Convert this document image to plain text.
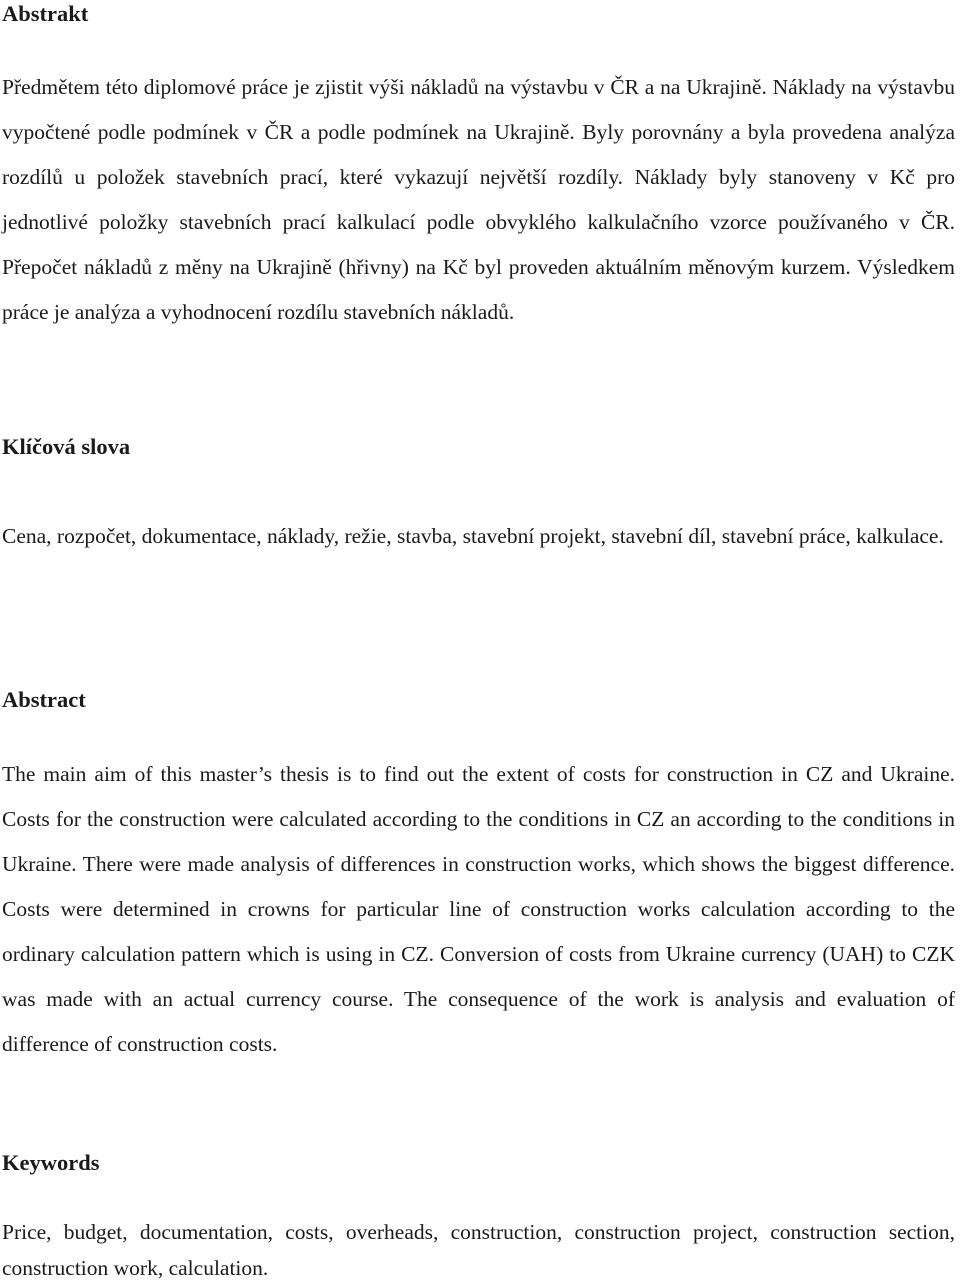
Abstrakt

Předmětem této diplomové práce je zjistit výši nákladů na výstavbu v ČR a na Ukrajině. Náklady na výstavbu vypočtené podle podmínek v ČR a podle podmínek na Ukrajině. Byly porovnány a byla provedena analýza rozdílů u položek stavebních prací, které vykazují největší rozdíly. Náklady byly stanoveny v Kč pro jednotlivé položky stavebních prací kalkulací podle obvyklého kalkulačního vzorce používaného v ČR. Přepočet nákladů z měny na Ukrajině (hřivny) na Kč byl proveden aktuálním měnovým kurzem. Výsledkem práce je analýza a vyhodnocení rozdílu stavebních nákladů.

Klíčová slova

Cena, rozpočet, dokumentace, náklady, režie, stavba, stavební projekt, stavební díl, stavební práce, kalkulace.

Abstract

The main aim of this master’s thesis is to find out the extent of costs for construction in CZ and Ukraine. Costs for the construction were calculated according to the conditions in CZ an according to the conditions in Ukraine. There were made analysis of differences in construction works, which shows the biggest difference. Costs were determined in crowns for particular line of construction works calculation according to the ordinary calculation pattern which is using in CZ. Conversion of costs from Ukraine currency (UAH) to CZK was made with an actual currency course. The consequence of the work is analysis and evaluation of difference of construction costs.

Keywords

Price, budget, documentation, costs, overheads, construction, construction project, construction section, construction work, calculation.
